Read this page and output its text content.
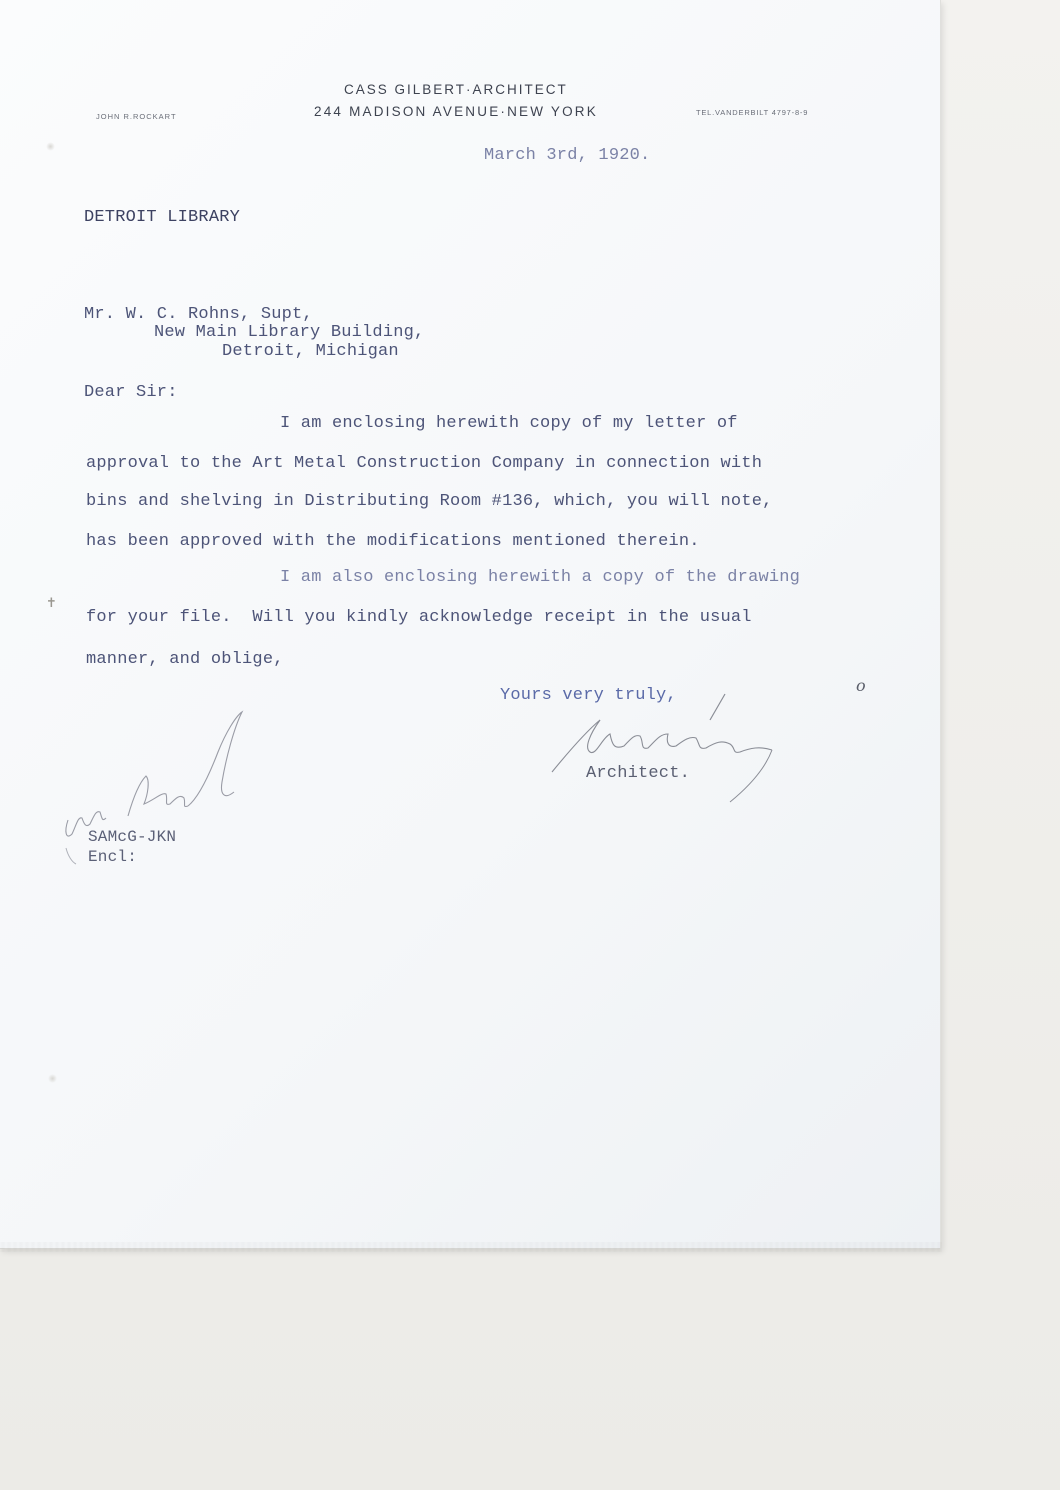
✝
CASS GILBERT·ARCHITECT
244 MADISON AVENUE·NEW YORK
JOHN R.ROCKART	TEL.VANDERBILT 4797-8-9
March 3rd, 1920.
DETROIT LIBRARY
Mr. W. C. Rohns, Supt,
New Main Library Building,
Detroit, Michigan
Dear Sir:
I am enclosing herewith copy of my letter of
approval to the Art Metal Construction Company in connection with
bins and shelving in Distributing Room #136, which, you will note,
has been approved with the modifications mentioned therein.
I am also enclosing herewith a copy of the drawing
for your file.  Will you kindly acknowledge receipt in the usual
manner, and oblige,
Yours very truly,
Architect.
o
SAMcG-JKN
Encl:
